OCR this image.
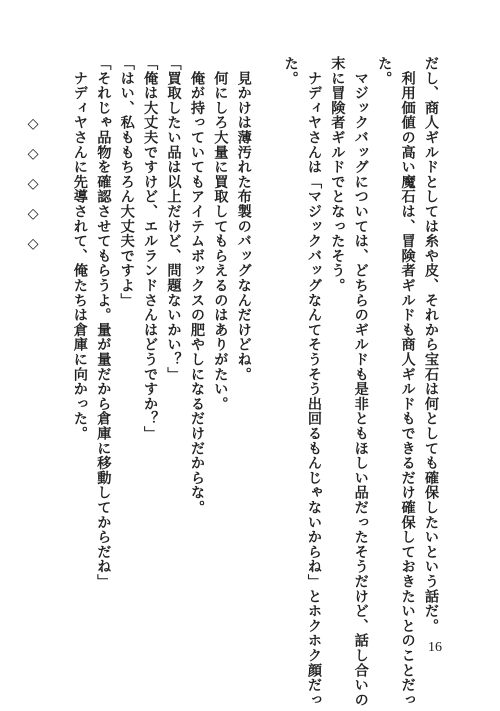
だし、商人ギルドとしては糸や皮、それから宝石は何としても確保したいという話だ。
　利用価値の高い魔石は、冒険者ギルドも商人ギルドもできるだけ確保しておきたいとのことだっ
た。
　マジックバッグについては、どちらのギルドも是非ともほしい品だったそうだけど、話し合いの
末に冒険者ギルドでとなったそう。
　ナディヤさんは「マジックバッグなんてそうそう出回るもんじゃないからね」とホクホク顔だっ
た。
　見かけは薄汚れた布製のバッグなんだけどね。
　何にしろ大量に買取してもらえるのはありがたい。
　俺が持っていてもアイテムボックスの肥やしになるだけだからな。
「買取したい品は以上だけど、問題ないかい？」
「俺は大丈夫ですけど、エルランドさんはどうですか？」
「はい、私ももちろん大丈夫ですよ」
「それじゃ品物を確認させてもらうよ。量が量だから倉庫に移動してからだね」
　ナディヤさんに先導されて、俺たちは倉庫に向かった。
◇◇◇◇◇
16
